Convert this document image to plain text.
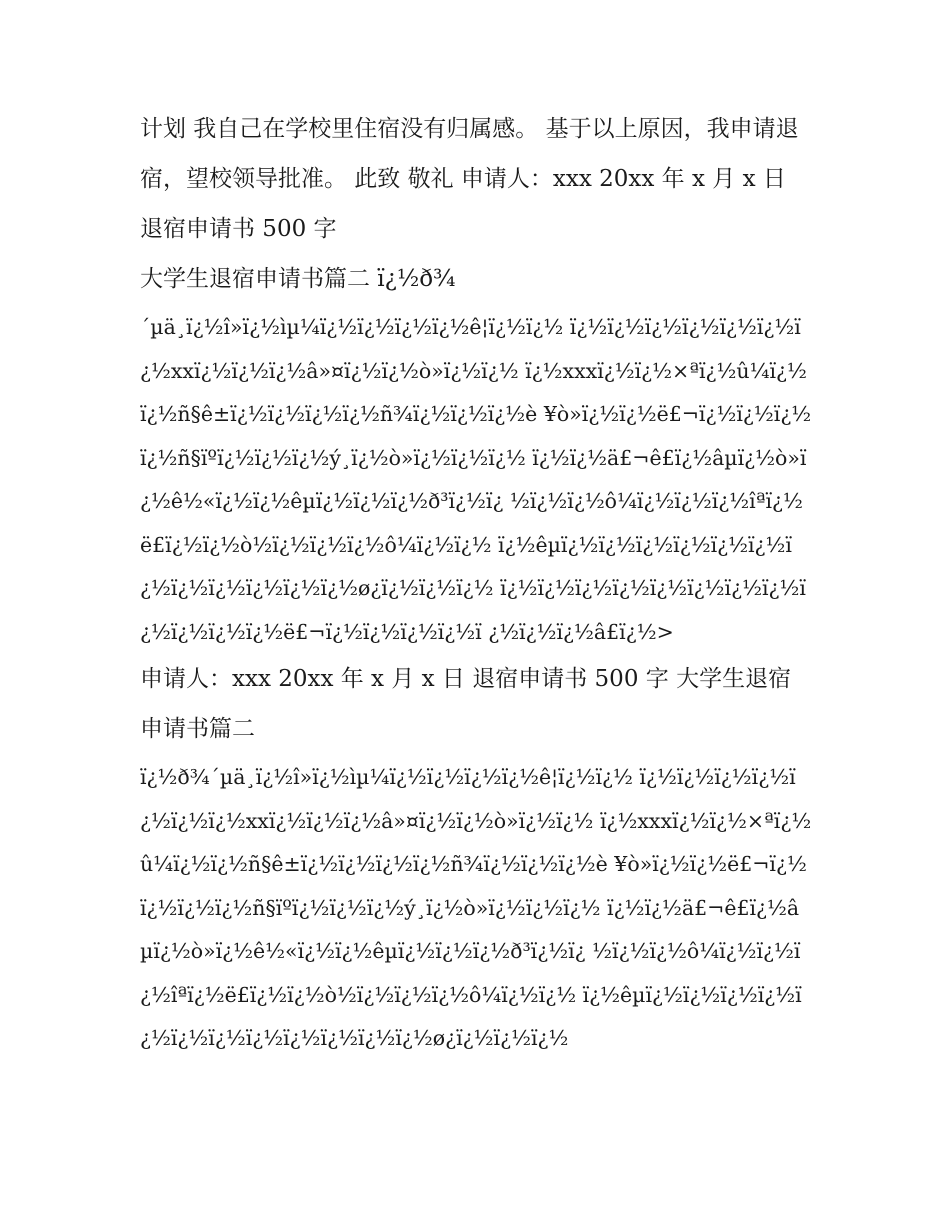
计划 我自己在学校里住宿没有归属感。 基于以上原因，我申请退宿，望校领导批准。 此致 敬礼 申请人：xxx 20xx 年 x 月 x 日 退宿申请书 500 字

大学生退宿申请书篇二 ï¿½ð¾

´µä¸ï¿½î»ï¿½ìµ¼ï¿½ï¿½ï¿½ï¿½ê¦ï¿½ï¿½ ï¿½ï¿½ï¿½ï¿½ï¿½ï¿½ï¿½xxï¿½ï¿½ï¿½â»¤ï¿½ï¿½ò»ï¿½ï¿½ ï¿½xxxï¿½ï¿½×ªï¿½û¼ï¿½ï¿½ñ§ê±ï¿½ï¿½ï¿½ï¿½ñ¾ï¿½ï¿½ï¿½è ¥ò»ï¿½ï¿½ë£¬ï¿½ï¿½ï¿½ï¿½ñ§ïºï¿½ï¿½ï¿½ý¸ï¿½ò»ï¿½ï¿½ï¿½ ï¿½ï¿½ä£¬ê£ï¿½âµï¿½ò»ï¿½ê½«ï¿½ï¿½êµï¿½ï¿½ï¿½ð³ï¿½ï¿ ½ï¿½ï¿½ô¼ï¿½ï¿½ï¿½îªï¿½ë£ï¿½ï¿½ò½ï¿½ï¿½ï¿½ô¼ï¿½ï¿½ ï¿½êµï¿½ï¿½ï¿½ï¿½ï¿½ï¿½ï¿½ï¿½ï¿½ï¿½ï¿½ï¿½ø¿ï¿½ï¿½ï¿½ ï¿½ï¿½ï¿½ï¿½ï¿½ï¿½ï¿½ï¿½ï¿½ï¿½ï¿½ï¿½ë£¬ï¿½ï¿½ï¿½ï¿½ï ¿½ï¿½ï¿½â£ï¿½>

申请人：xxx 20xx 年 x 月 x 日 退宿申请书 500 字 大学生退宿申请书篇二

ï¿½ð¾´µä¸ï¿½î»ï¿½ìµ¼ï¿½ï¿½ï¿½ï¿½ê¦ï¿½ï¿½ ï¿½ï¿½ï¿½ï¿½ï¿½ï¿½ï¿½xxï¿½ï¿½ï¿½â»¤ï¿½ï¿½ò»ï¿½ï¿½ ï¿½xxxï¿½ï¿½×ªï¿½û¼ï¿½ï¿½ñ§ê±ï¿½ï¿½ï¿½ï¿½ñ¾ï¿½ï¿½ï¿½è ¥ò»ï¿½ï¿½ë£¬ï¿½ï¿½ï¿½ï¿½ñ§ïºï¿½ï¿½ï¿½ý¸ï¿½ò»ï¿½ï¿½ï¿½ ï¿½ï¿½ä£¬ê£ï¿½âµï¿½ò»ï¿½ê½«ï¿½ï¿½êµï¿½ï¿½ï¿½ð³ï¿½ï¿ ½ï¿½ï¿½ô¼ï¿½ï¿½ï¿½îªï¿½ë£ï¿½ï¿½ò½ï¿½ï¿½ï¿½ô¼ï¿½ï¿½ ï¿½êµï¿½ï¿½ï¿½ï¿½ï¿½ï¿½ï¿½ï¿½ï¿½ï¿½ï¿½ï¿½ø¿ï¿½ï¿½ï¿½
